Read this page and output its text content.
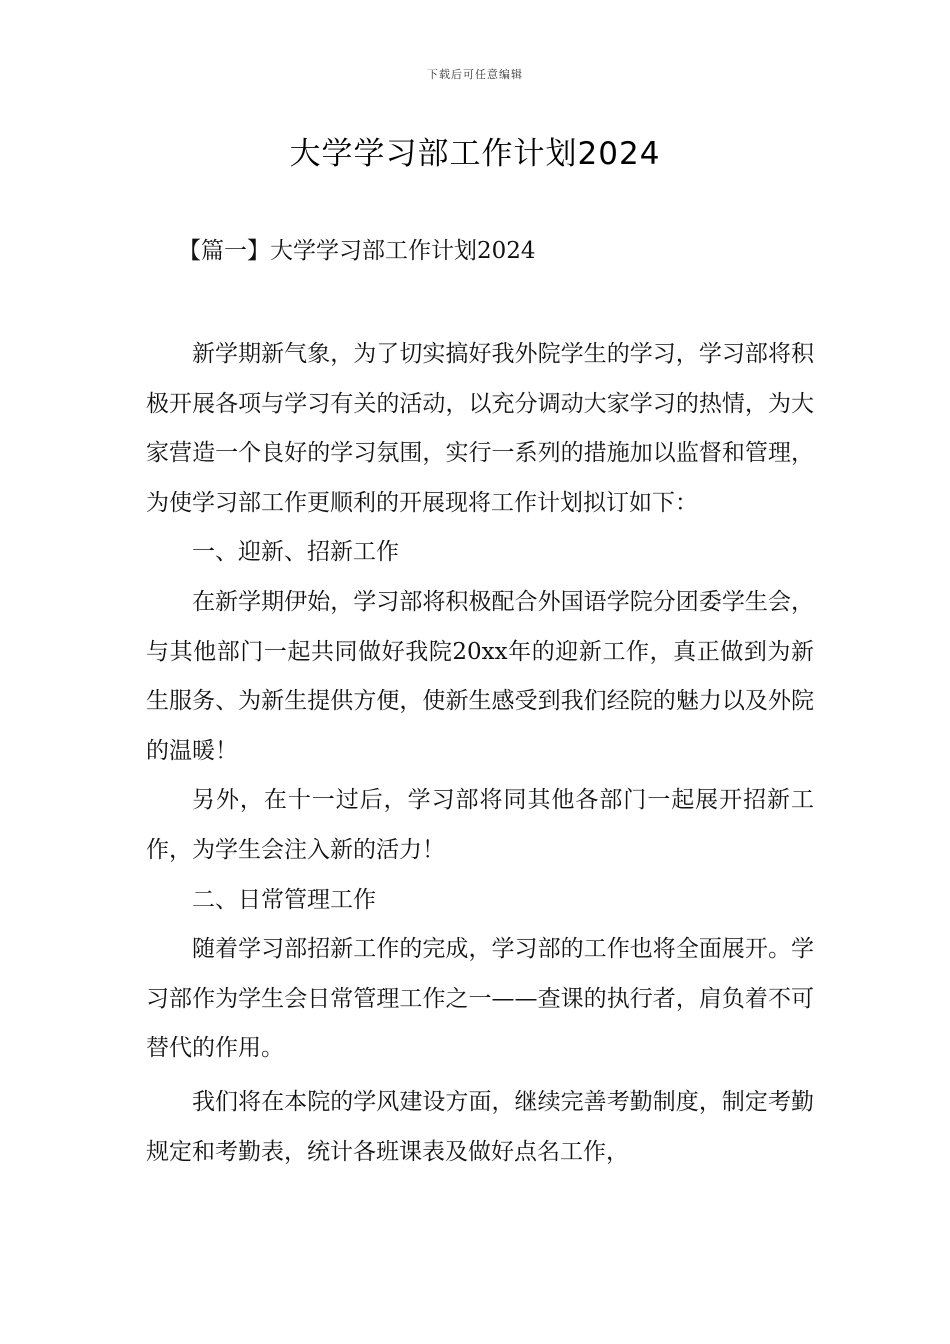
下载后可任意编辑
大学学习部工作计划2024
【篇一】大学学习部工作计划2024

新学期新气象，为了切实搞好我外院学生的学习，学习部将积极开展各项与学习有关的活动，以充分调动大家学习的热情，为大家营造一个良好的学习氛围，实行一系列的措施加以监督和管理，为使学习部工作更顺利的开展现将工作计划拟订如下：

一、迎新、招新工作

在新学期伊始，学习部将积极配合外国语学院分团委学生会，与其他部门一起共同做好我院20xx年的迎新工作，真正做到为新生服务、为新生提供方便，使新生感受到我们经院的魅力以及外院的温暖！

另外，在十一过后，学习部将同其他各部门一起展开招新工作，为学生会注入新的活力！

二、日常管理工作

随着学习部招新工作的完成，学习部的工作也将全面展开。学习部作为学生会日常管理工作之一——查课的执行者，肩负着不可替代的作用。

我们将在本院的学风建设方面，继续完善考勤制度，制定考勤规定和考勤表，统计各班课表及做好点名工作，
